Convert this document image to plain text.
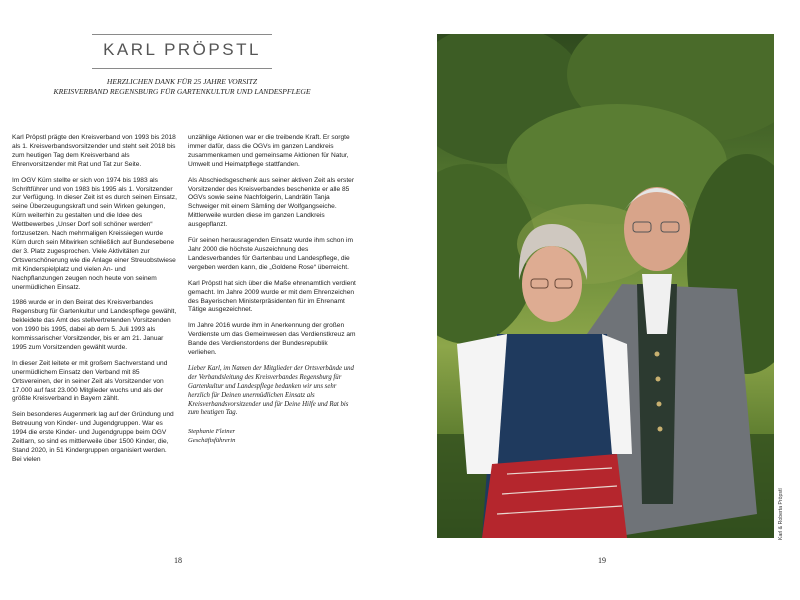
KARL PRÖPSTL
HERZLICHEN DANK FÜR 25 JAHRE VORSITZ
KREISVERBAND REGENSBURG FÜR GARTENKULTUR UND LANDESPFLEGE

Karl Pröpstl prägte den Kreisverband von 1993 bis 2018 als 1. Kreisverbandsvorsitzender und steht seit 2018 bis zum heutigen Tag dem Kreisverband als Ehrenvorsitzender mit Rat und Tat zur Seite.

Im OGV Kürn stellte er sich von 1974 bis 1983 als Schriftführer und von 1983 bis 1995 als 1. Vorsitzender zur Verfügung. In dieser Zeit ist es durch seinen Einsatz, seine Überzeugungskraft und sein Wirken gelungen, Kürn weiterhin zu gestalten und die Idee des Wettbewerbes „Unser Dorf soll schöner werden“ fortzusetzen. Nach mehrmaligen Kreissiegen wurde Kürn durch sein Mitwirken schließlich auf Bundesebene der 3. Platz zugesprochen. Viele Aktivitäten zur Ortsverschönerung wie die Anlage einer Streuobstwiese mit Kinderspielplatz und vielen An- und Nachpflanzungen zeugen noch heute von seinem unermüdlichen Einsatz.

1986 wurde er in den Beirat des Kreisverbandes Regensburg für Gartenkultur und Landespflege gewählt, bekleidete das Amt des stellvertretenden Vorsitzenden von 1990 bis 1995, dabei ab dem 5. Juli 1993 als kommissarischer Vorsitzender, bis er am 21. Januar 1995 zum Vorsitzenden gewählt wurde.

In dieser Zeit leitete er mit großem Sachverstand und unermüdlichem Einsatz den Verband mit 85 Ortsvereinen, der in seiner Zeit als Vorsitzender von 17.000 auf fast 23.000 Mitglieder wuchs und als der größte Kreisverband in Bayern zählt.

Sein besonderes Augenmerk lag auf der Gründung und Betreuung von Kinder- und Jugendgruppen. War es 1994 die erste Kinder- und Jugendgruppe beim OGV Zeitlarn, so sind es mittlerweile über 1500 Kinder, die, Stand 2020, in 51 Kindergruppen organisiert werden. Bei vielen

unzählige Aktionen war er die treibende Kraft. Er sorgte immer dafür, dass die OGVs im ganzen Landkreis zusammenkamen und gemeinsame Aktionen für Natur, Umwelt und Heimatpflege stattfanden.

Als Abschiedsgeschenk aus seiner aktiven Zeit als erster Vorsitzender des Kreisverbandes beschenkte er alle 85 OGVs sowie seine Nachfolgerin, Landrätin Tanja Schweiger mit einem Sämling der Wolfgangseiche. Mittlerweile wurden diese im ganzen Landkreis ausgepflanzt.

Für seinen herausragenden Einsatz wurde ihm schon im Jahr 2000 die höchste Auszeichnung des Landesverbandes für Gartenbau und Landespflege, die vergeben werden kann, die „Goldene Rose“ überreicht.

Karl Pröpstl hat sich über die Maße ehrenamtlich verdient gemacht. Im Jahre 2009 wurde er mit dem Ehrenzeichen des Bayerischen Ministerpräsidenten für im Ehrenamt Tätige ausgezeichnet.

Im Jahre 2016 wurde ihm in Anerkennung der großen Verdienste um das Gemeinwesen das Verdienstkreuz am Bande des Verdienstordens der Bundesrepublik verliehen.

Lieber Karl, im Namen der Mitglieder der Ortsverbände und der Verbandsleitung des Kreisverbandes Regensburg für Gartenkultur und Landespflege bedanken wir uns sehr herzlich für Deinen unermüdlichen Einsatz als Kreisverbandsvorsitzender und für Deine Hilfe und Rat bis zum heutigen Tag.
Stephanie Fleiner
Geschäftsführerin
18
Karl & Roberta Pröpstl
19
